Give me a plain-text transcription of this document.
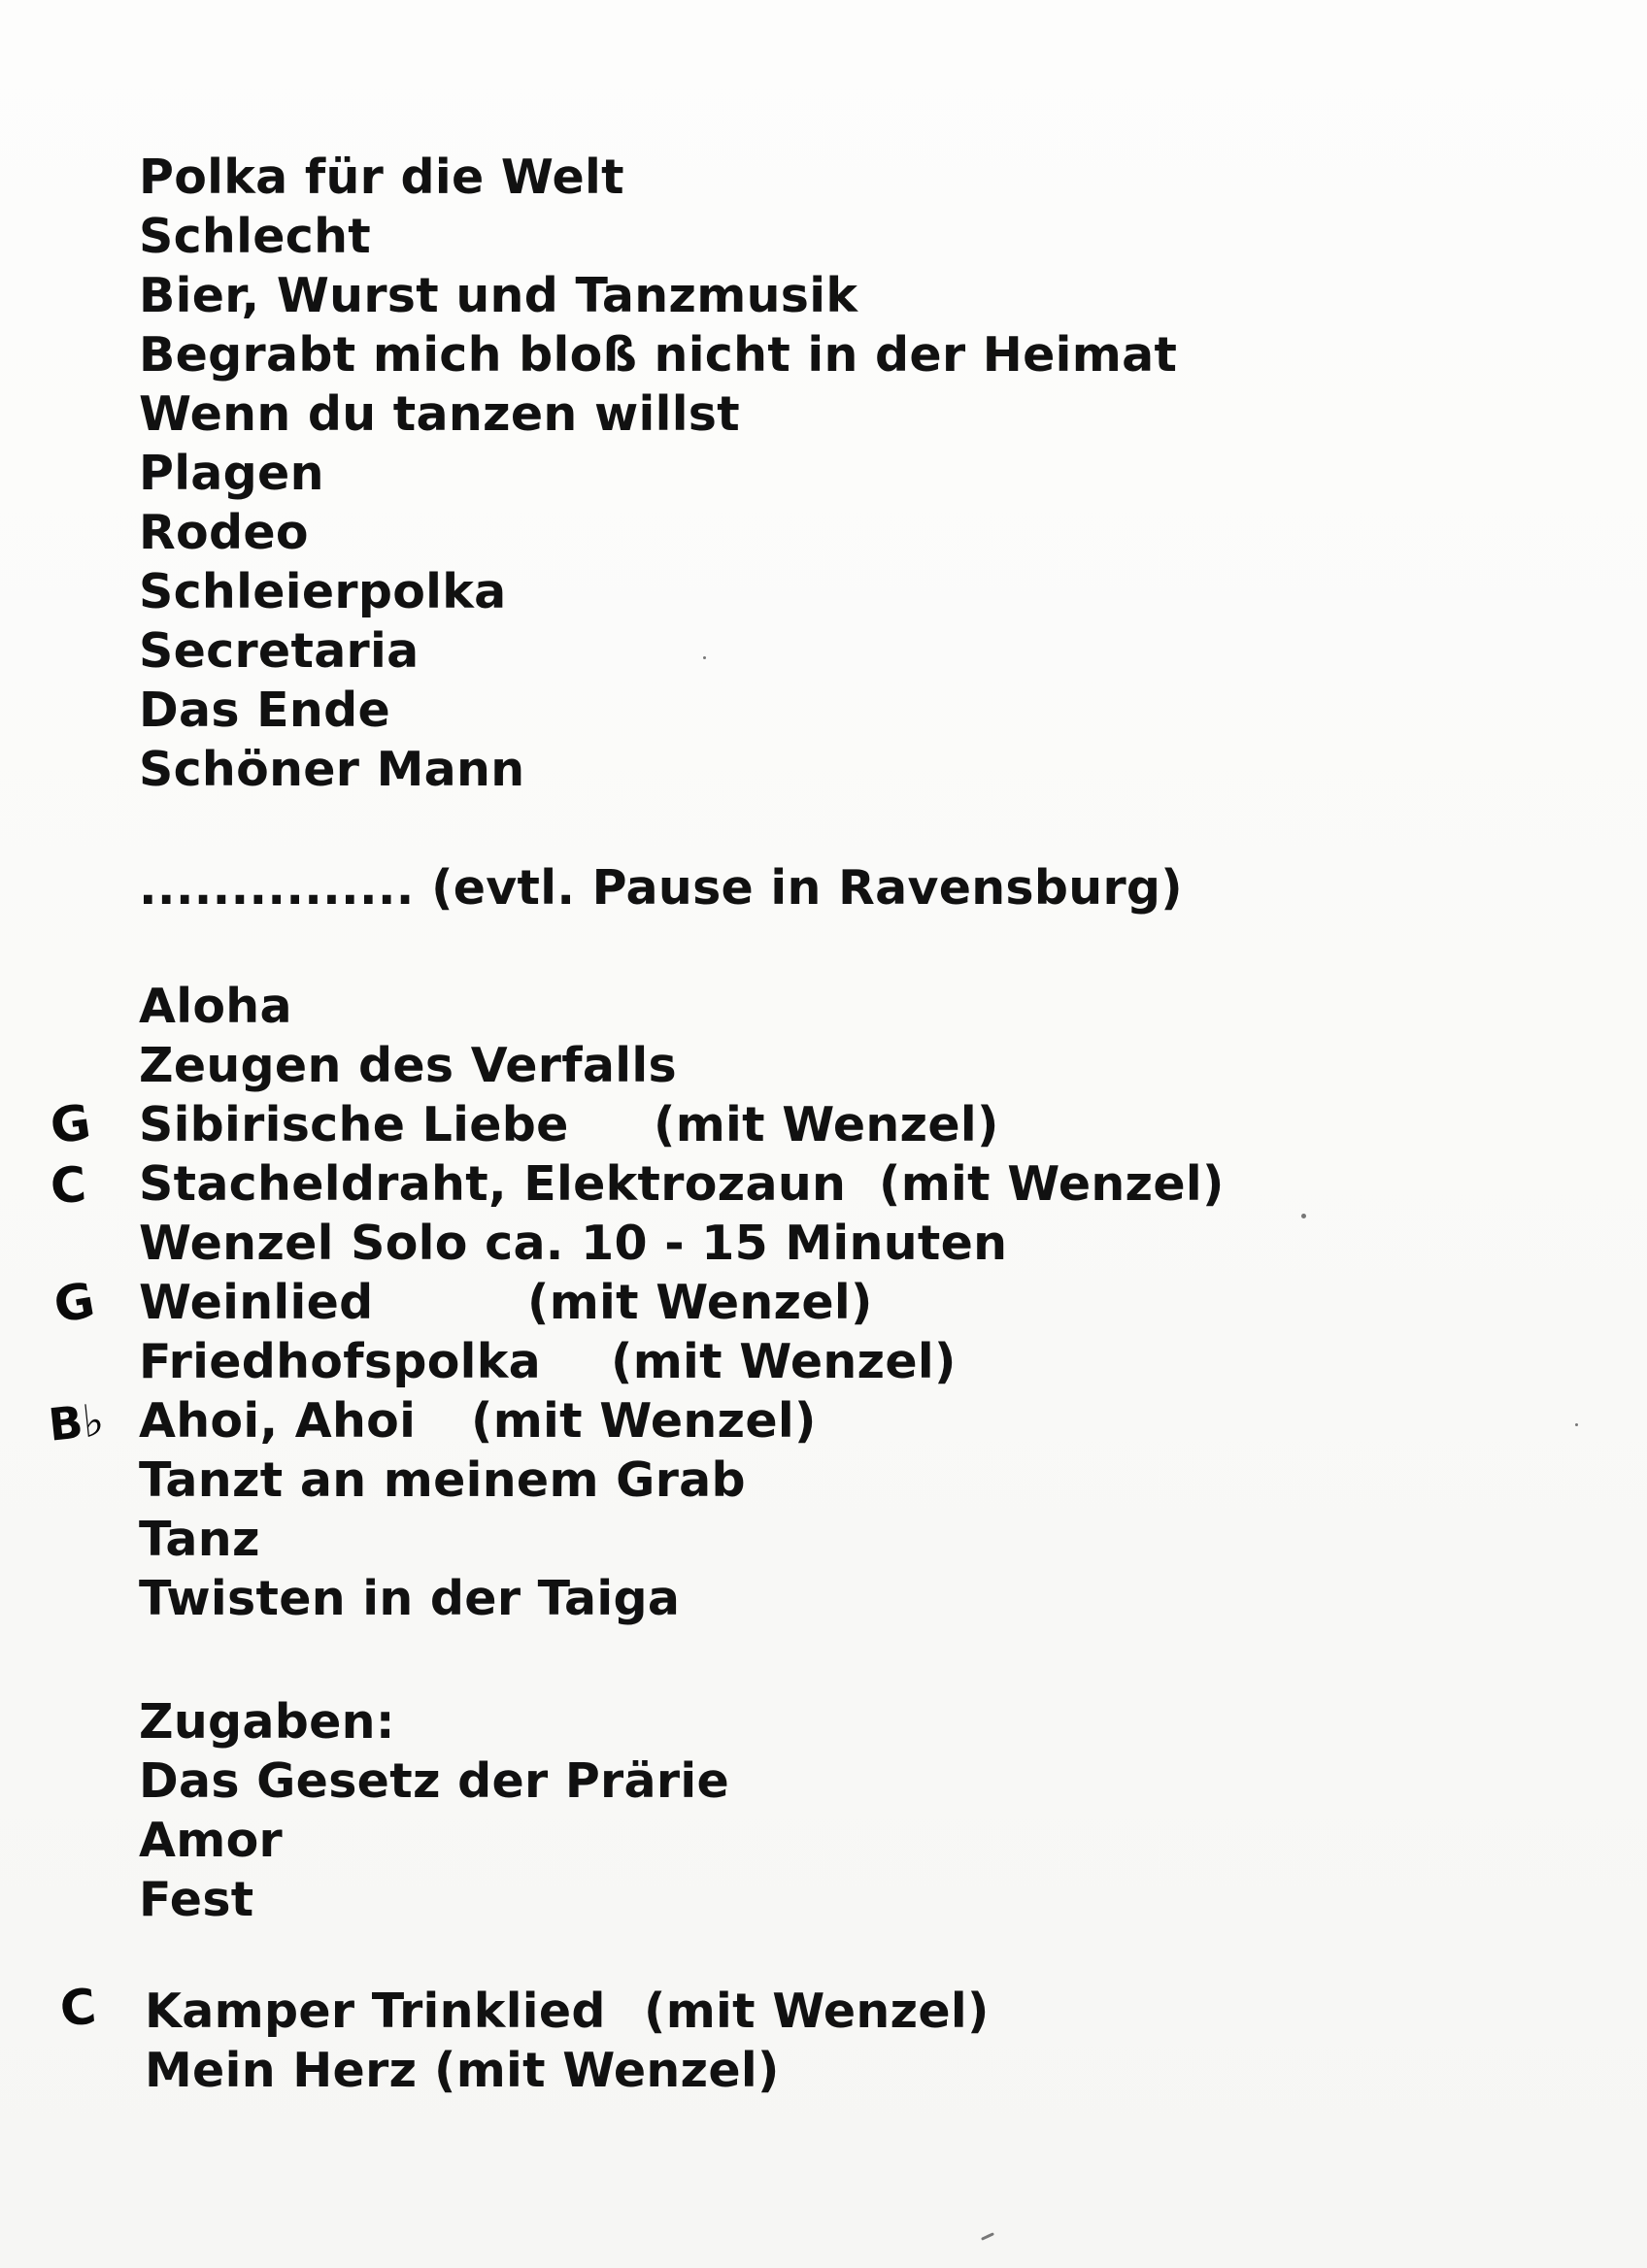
Polka für die Welt
Schlecht
Bier, Wurst und Tanzmusik
Begrabt mich bloß nicht in der Heimat
Wenn du tanzen willst
Plagen
Rodeo
Schleierpolka
Secretaria
Das Ende
Schöner Mann
............... (evtl. Pause in Ravensburg)
Aloha
Zeugen des Verfalls
Sibirische Liebe (mit Wenzel)
Stacheldraht, Elektrozaun (mit Wenzel)
Wenzel Solo ca. 10 - 15 Minuten
Weinlied	(mit Wenzel)
Friedhofspolka (mit Wenzel)
Ahoi, Ahoi (mit Wenzel)
Tanzt an meinem Grab
Tanz
Twisten in der Taiga
Zugaben:
Das Gesetz der Prärie
Amor
Fest
Kamper Trinklied (mit Wenzel)
Mein Herz (mit Wenzel)
G
C
G
B♭
C
